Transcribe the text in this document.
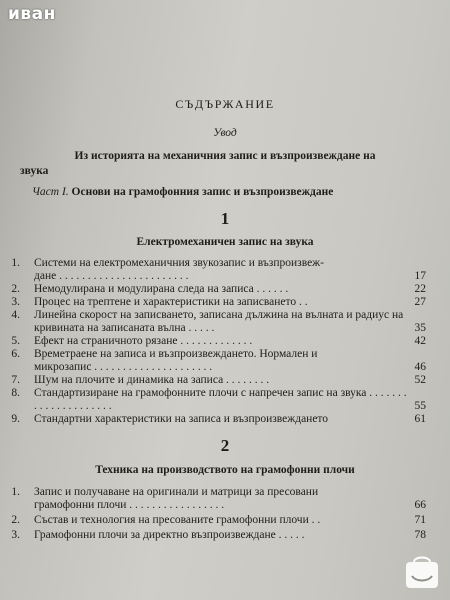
иван
СЪДЪРЖАНИЕ
Увод
Из историята на механичния запис и възпроизвеждане на
звука
Част I. Основи на грамофонния запис и възпроизвеждане
1
Електромеханичен запис на звука
1. Системи на електромеханичния звукозапис и възпроизвеж-
дане . . . . . . . . . . . . . . . . . . . . . . .	17
2. Немодулирана и модулирана следа на записа . . . . . .	22
3. Процес на трептене и характеристики на записването . .	27
4. Линейна скорост на записването, записана дължина на вълната и радиус на кривината на записаната вълна . . . . .	35
5. Ефект на страничното рязане . . . . . . . . . . . . .	42
6. Времетраене на записа и възпроизвеждането. Нормален и
микрозапис . . . . . . . . . . . . . . . . . . . . .	46
7. Шум на плочите и динамика на записа . . . . . . . .	52
8. Стандартизиране на грамофонните плочи с напречен запис на звука . . . . . . . . . . . . . . . . . . . . .	55
9. Стандартни характеристики на записа и възпроизвеждането	61
2
Техника на производството на грамофонни плочи
1. Запис и получаване на оригинали и матрици за пресовани
грамофонни плочи . . . . . . . . . . . . . . . . .	66
2. Състав и технология на пресованите грамофонни плочи . .	71
3. Грамофонни плочи за директно възпроизвеждане . . . . .	78
